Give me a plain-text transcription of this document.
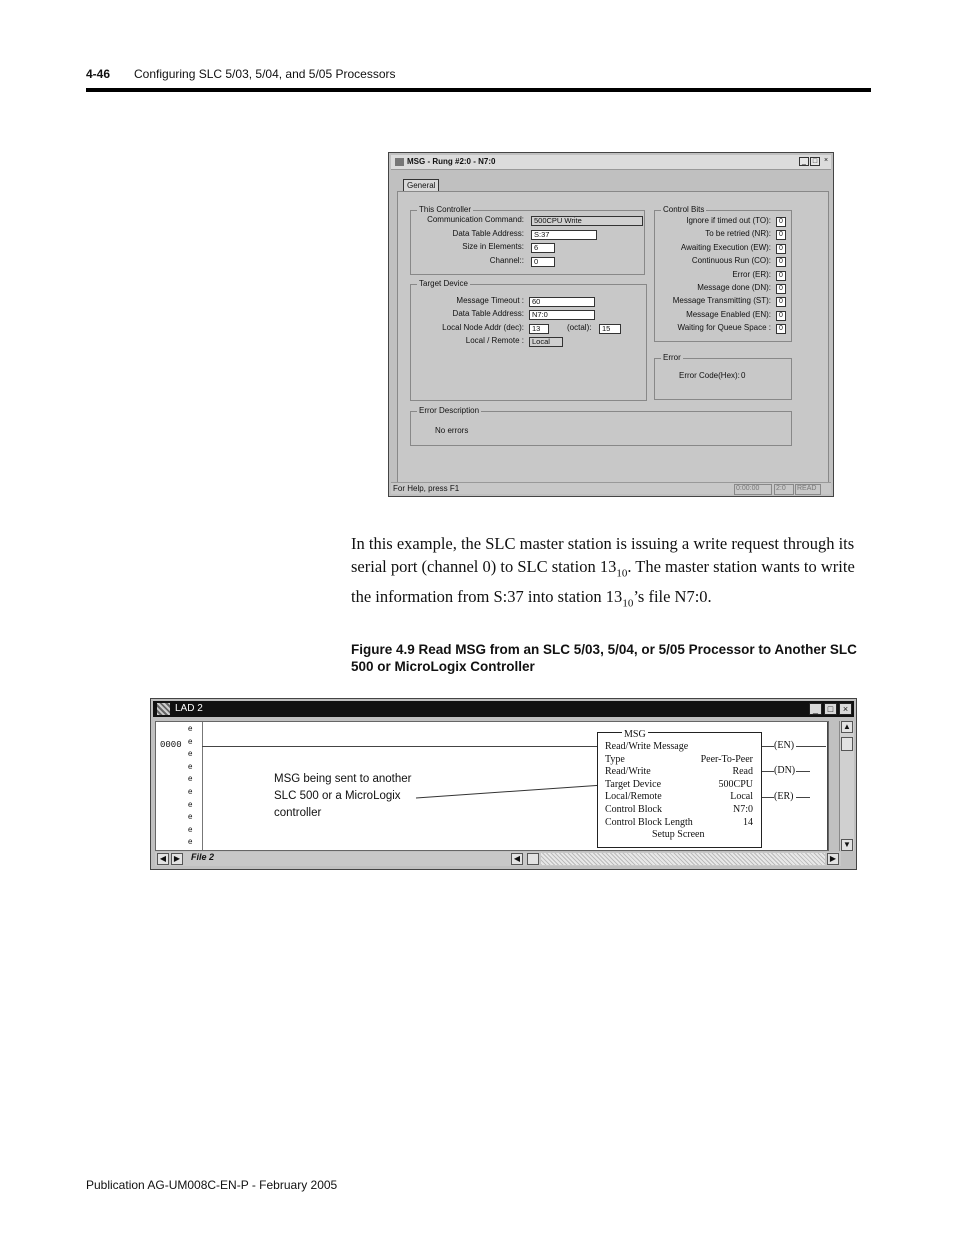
4-46 Configuring SLC 5/03, 5/04, and 5/05 Processors
MSG - Rung #2:0 - N7:0	_ □ ×
General
This Controller
Communication Command:	500CPU Write
Data Table Address:	S:37
Size in Elements:	6
Channel::	0
Target Device
Message Timeout :	60
Data Table Address:	N7:0
Local Node Addr (dec):	13	(octal):	15
Local / Remote :	Local
Control Bits
Ignore if timed out (TO):	0
To be retried (NR):	0
Awaiting Execution (EW):	0
Continuous Run (CO):	0
Error (ER):	0
Message done (DN):	0
Message Transmitting (ST):	0
Message Enabled (EN):	0
Waiting for Queue Space :	0
Error
Error Code(Hex): 0
Error Description
No errors
For Help, press F1	0:00:00	2:0	READ
In this example, the SLC master station is issuing a write request through its serial port (channel 0) to SLC station $13_{10}$. The master station wants to write the information from S:37 into station $13_{10}’s$ file N7:0.
Figure 4.9 Read MSG from an SLC 5/03, 5/04, or 5/05 Processor to Another SLC 500 or MicroLogix Controller
LAD 2	_	□	×
0000
e
e
e
e
e
e
e
e
e
e
(EN)
(DN)
(ER)
MSG being sent to another SLC 500 or a MicroLogix controller
MSG
Setup Screen
Read/Write Message
Type	Peer-To-Peer
Read/Write	Read
Target Device	500CPU
Local/Remote	Local
Control Block	N7:0
Control Block Length	14
▲
▼
◀ ▶	File 2	◀	▶
Publication AG-UM008C-EN-P - February 2005
